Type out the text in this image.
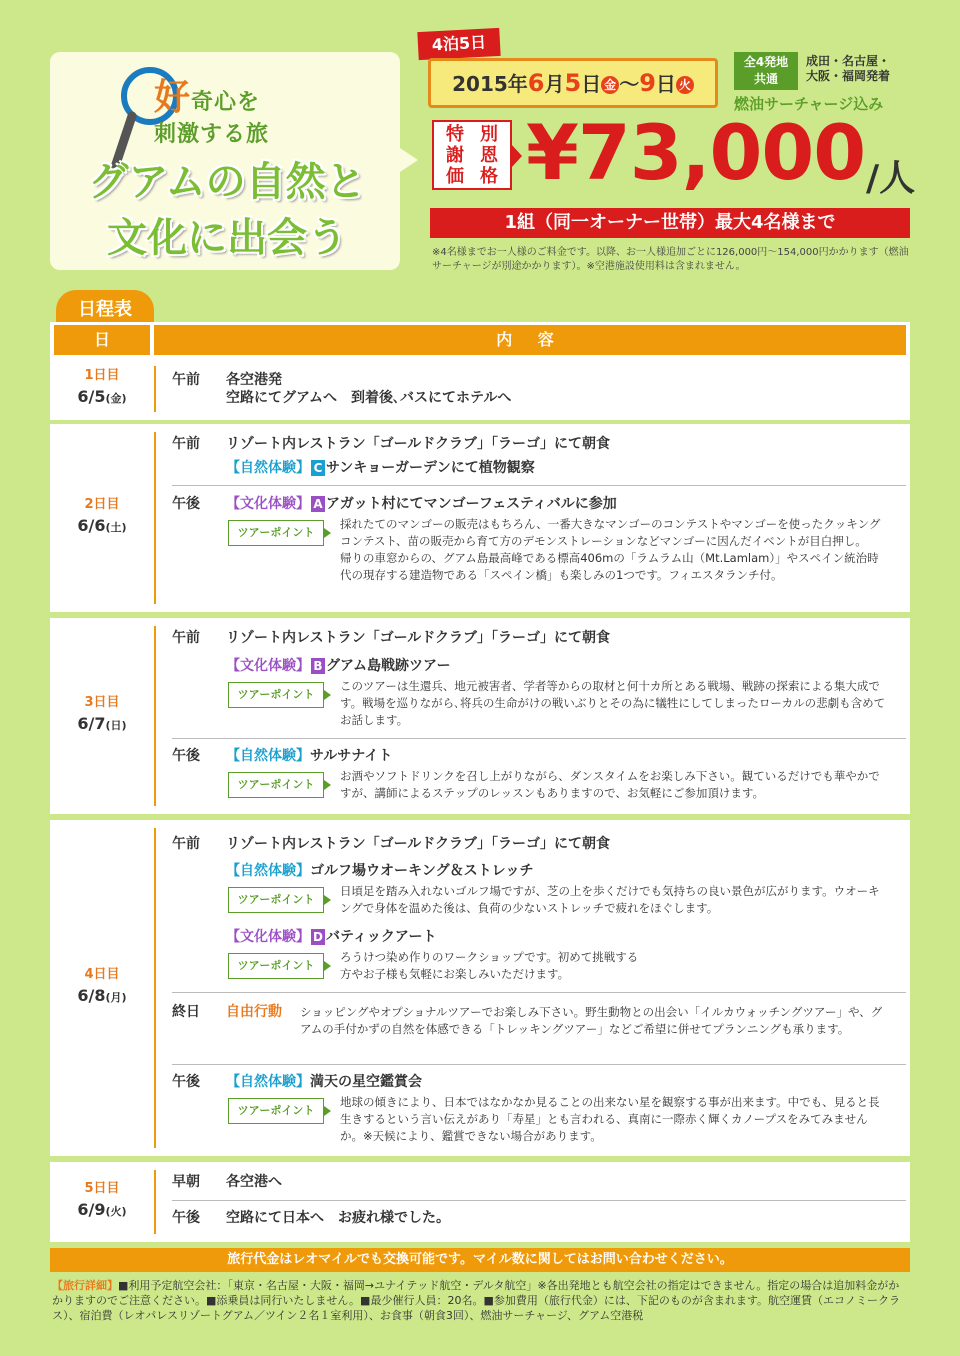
好奇心を
刺激する旅
グアムの自然と
文化に出会う
4泊5日
2015年6月5日 金 ～9日 火
全4発地
共通
成田・名古屋・
大阪・福岡発着
燃油サーチャージ込み
特 別
謝 恩
価 格 ¥73,000 /人
1組（同一オーナー世帯）最大4名様まで
※4名様までお一人様のご料金です。以降、お一人様追加ごとに126,000円～154,000円かかります（燃油サーチャージが別途かかります）。※空港施設使用料は含まれません。
日程表
日	内 容
1日目
6/5(金)
午前 各空港発
空路にてグアムへ　到着後､バスにてホテルへ
2日目
6/6(土)
午前 リゾート内レストラン「ゴールドクラブ」「ラーゴ」にて朝食
【自然体験】 C サンキョーガーデンにて植物観察
午後 【文化体験】 A アガット村にてマンゴーフェスティバルに参加
ツアーポイント
採れたてのマンゴーの販売はもちろん、一番大きなマンゴーのコンテストやマンゴーを使ったクッキングコンテスト、苗の販売から育て方のデモンストレーションなどマンゴーに因んだイベントが目白押し。
帰りの車窓からの、グアム島最高峰である標高406mの「ラムラム山（Mt.Lamlam）」やスペイン統治時代の現存する建造物である「スペイン橋」も楽しみの1つです。フィエスタランチ付。
3日目
6/7(日)
午前 リゾート内レストラン「ゴールドクラブ」「ラーゴ」にて朝食
【文化体験】 B グアム島戦跡ツアー
ツアーポイント
このツアーは生還兵、地元被害者、学者等からの取材と何十カ所とある戦場、戦跡の探索による集大成です。戦場を巡りながら､将兵の生命がけの戦いぶりとその為に犠牲にしてしまったローカルの悲劇も含めてお話します。
午後 【自然体験】サルサナイト
ツアーポイント
お酒やソフトドリンクを召し上がりながら、ダンスタイムをお楽しみ下さい。観ているだけでも華やかですが、講師によるステップのレッスンもありますので、お気軽にご参加頂けます。
4日目
6/8(月)
午前 リゾート内レストラン「ゴールドクラブ」「ラーゴ」にて朝食
【自然体験】ゴルフ場ウオーキング＆ストレッチ
ツアーポイント
日頃足を踏み入れないゴルフ場ですが、芝の上を歩くだけでも気持ちの良い景色が広がります。ウオーキングで身体を温めた後は、負荷の少ないストレッチで疲れをほぐします。
【文化体験】 D バティックアート
ツアーポイント
ろうけつ染め作りのワークショップです。初めて挑戦する方やお子様も気軽にお楽しみいただけます。
終日 自由行動 ショッピングやオプショナルツアーでお楽しみ下さい。野生動物との出会い「イルカウォッチングツアー」や、グアムの手付かずの自然を体感できる「トレッキングツアー」などご希望に併せてプランニングも承ります。
午後 【自然体験】満天の星空鑑賞会
ツアーポイント
地球の傾きにより、日本ではなかなか見ることの出来ない星を観察する事が出来ます。中でも、見ると長生きするという言い伝えがあり「寿星」とも言われる、真南に一際赤く輝くカノープスをみてみませんか。※天候により、鑑賞できない場合があります。
5日目
6/9(火)
早朝 各空港へ
午後 空路にて日本へ　お疲れ様でした。
旅行代金はレオマイルでも交換可能です。マイル数に関してはお問い合わせください。
【旅行詳細】■利用予定航空会社：「東京・名古屋・大阪・福岡→ユナイテッド航空・デルタ航空」※各出発地とも航空会社の指定はできません。指定の場合は追加料金がかかりますのでご注意ください。■添乗員は同行いたしません。■最少催行人員：20名。■参加費用（旅行代金）には、下記のものが含まれます。航空運賃（エコノミークラス）、宿泊費（レオパレスリゾートグアム／ツイン２名１室利用）、お食事（朝食3回）、燃油サーチャージ、グアム空港税
